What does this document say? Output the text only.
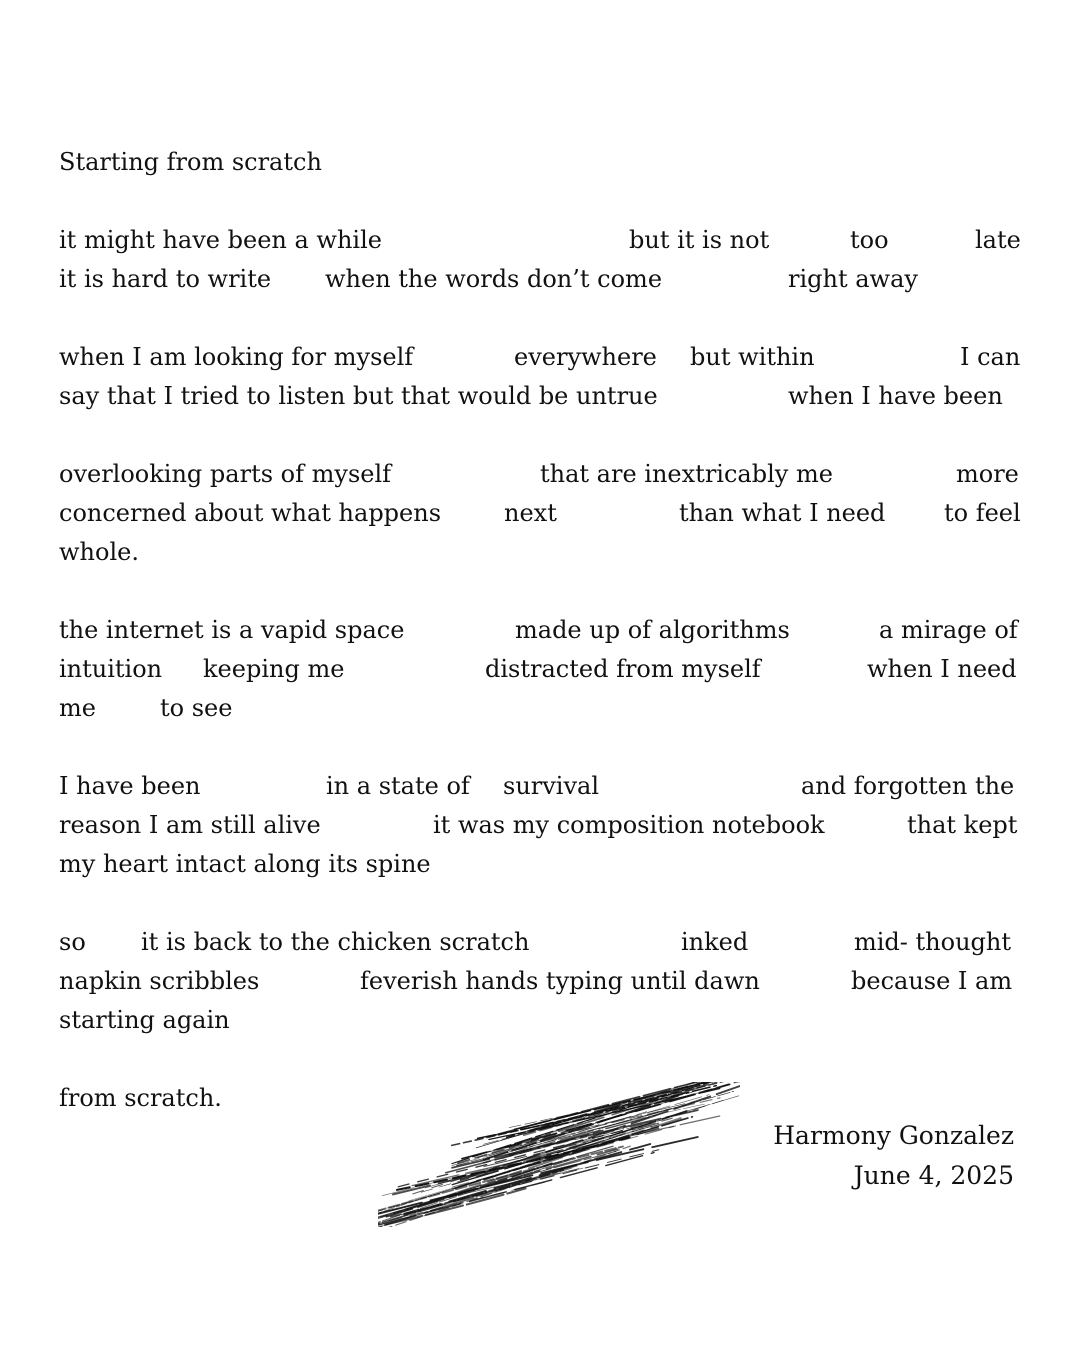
Starting from scratch
it might have been a while	but it is not	too	late
it is hard to write when the words don’t come	right away
when I am looking for myself	everywhere but within	I can
say that I tried to listen but that would be untrue	when I have been
overlooking parts of myself	that are inextricably me	more
concerned about what happens	next	than what I need to feel
whole.
the internet is a vapid space	made up of algorithms	a mirage of
intuition keeping me	distracted from myself	when I need
me	to see
I have been	in a state of survival	and forgotten the
reason I am still alive	it was my composition notebook	that kept
my heart intact along its spine
so it is back to the chicken scratch	inked	mid- thought
napkin scribbles	feverish hands typing until dawn	because I am
starting again
from scratch.
Harmony Gonzalez
June 4, 2025
